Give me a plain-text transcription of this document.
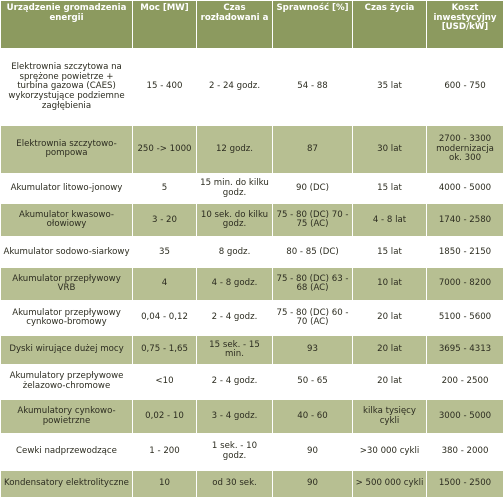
Urządzenie gromadzenia energii	Moc [MW]	Czas rozładowani a	Sprawność [%]	Czas życia	Koszt inwestycyjny [USD/kW]
Elektrownia szczytowa na sprężone powietrze + turbina gazowa (CAES) wykorzystujące podziemne zagłębienia	15 - 400	2 - 24 godz.	54 - 88	35 lat	600 - 750
Elektrownia szczytowo-pompowa	250 -> 1000	12 godz.	87	30 lat	2700 - 3300 modernizacja ok. 300
Akumulator litowo-jonowy	5	15 min. do kilku godz.	90 (DC)	15 lat	4000 - 5000
Akumulator kwasowo-ołowiowy	3 - 20	10 sek. do kilku godz.	75 - 80 (DC) 70 - 75 (AC)	4 - 8 lat	1740 - 2580
Akumulator sodowo-siarkowy	35	8 godz.	80 - 85 (DC)	15 lat	1850 - 2150
Akumulator przepływowy VRB	4	4 - 8 godz.	75 - 80 (DC) 63 - 68 (AC)	10 lat	7000 - 8200
Akumulator przepływowy cynkowo-bromowy	0,04 - 0,12	2 - 4 godz.	75 - 80 (DC) 60 - 70 (AC)	20 lat	5100 - 5600
Dyski wirujące dużej mocy	0,75 - 1,65	15 sek. - 15 min.	93	20 lat	3695 - 4313
Akumulatory przepływowe żelazowo-chromowe	<10	2 - 4 godz.	50 - 65	20 lat	200 - 2500
Akumulatory cynkowo-powietrzne	0,02 - 10	3 - 4 godz.	40 - 60	kilka tysięcy cykli	3000 - 5000
Cewki nadprzewodzące	1 - 200	1 sek. - 10 godz.	90	>30 000 cykli	380 - 2000
Kondensatory elektrolityczne	10	od 30 sek.	90	> 500 000 cykli	1500 - 2500
